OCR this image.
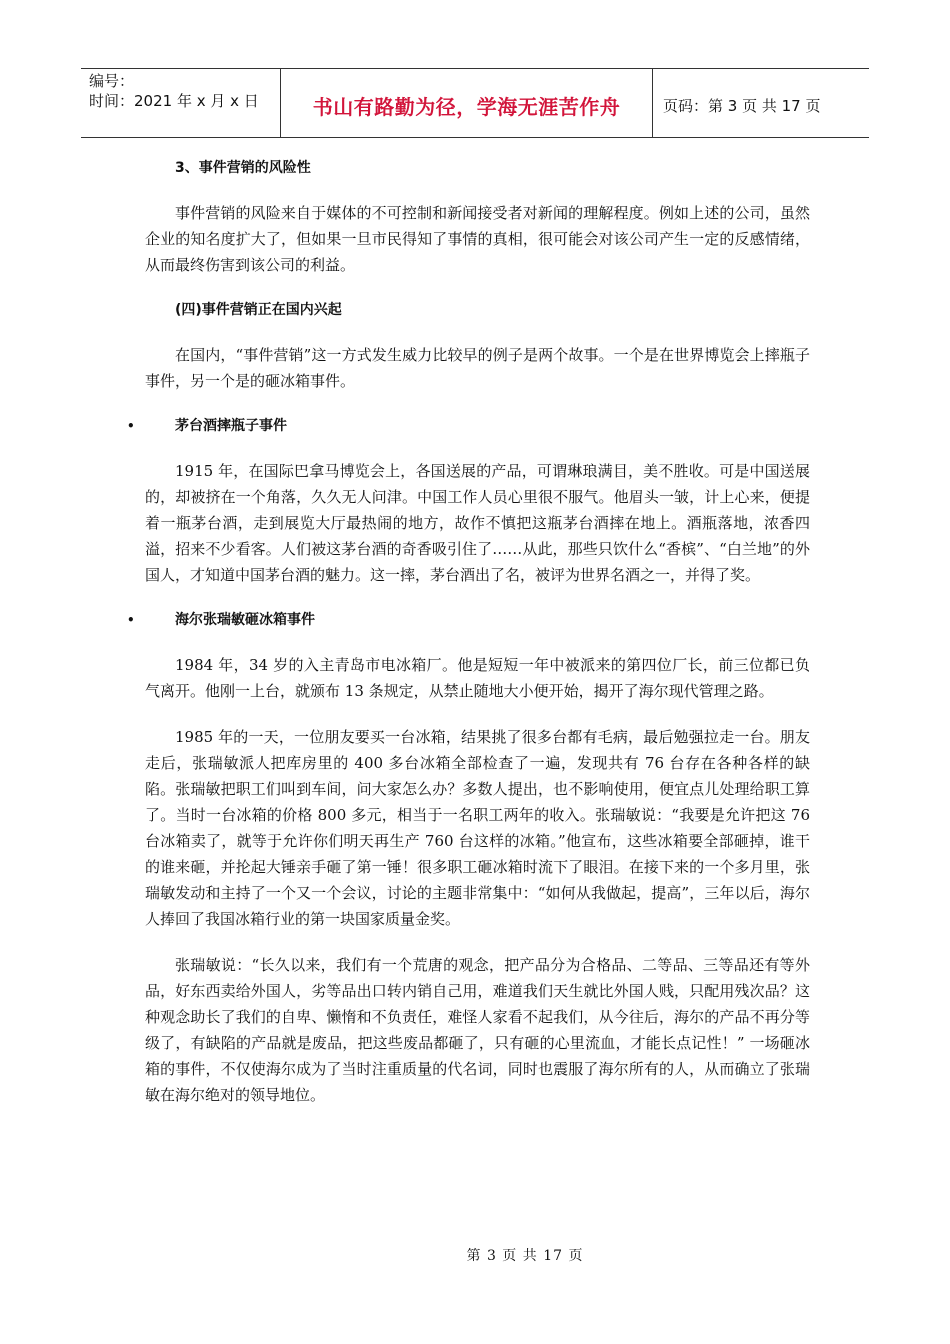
编号：
时间：2021 年 x 月 x 日	书山有路勤为径，学海无涯苦作舟	页码：第 3 页 共 17 页
3、事件营销的风险性

事件营销的风险来自于媒体的不可控制和新闻接受者对新闻的理解程度。例如上述的公司，虽然企业的知名度扩大了，但如果一旦市民得知了事情的真相，很可能会对该公司产生一定的反感情绪，从而最终伤害到该公司的利益。

(四)事件营销正在国内兴起

在国内，“事件营销”这一方式发生威力比较早的例子是两个故事。一个是在世界博览会上摔瓶子事件，另一个是的砸冰箱事件。

•	茅台酒摔瓶子事件

1915 年，在国际巴拿马博览会上，各国送展的产品，可谓琳琅满目，美不胜收。可是中国送展的，却被挤在一个角落，久久无人问津。中国工作人员心里很不服气。他眉头一皱，计上心来，便提着一瓶茅台酒，走到展览大厅最热闹的地方，故作不慎把这瓶茅台酒摔在地上。酒瓶落地，浓香四溢，招来不少看客。人们被这茅台酒的奇香吸引住了……从此，那些只饮什么“香槟”、“白兰地”的外国人，才知道中国茅台酒的魅力。这一摔，茅台酒出了名，被评为世界名酒之一，并得了奖。

•	海尔张瑞敏砸冰箱事件

1984 年，34 岁的入主青岛市电冰箱厂。他是短短一年中被派来的第四位厂长，前三位都已负气离开。他刚一上台，就颁布 13 条规定，从禁止随地大小便开始，揭开了海尔现代管理之路。

1985 年的一天，一位朋友要买一台冰箱，结果挑了很多台都有毛病，最后勉强拉走一台。朋友走后，张瑞敏派人把库房里的 400 多台冰箱全部检查了一遍，发现共有 76 台存在各种各样的缺陷。张瑞敏把职工们叫到车间，问大家怎么办？多数人提出，也不影响使用，便宜点儿处理给职工算了。当时一台冰箱的价格 800 多元，相当于一名职工两年的收入。张瑞敏说：“我要是允许把这 76 台冰箱卖了，就等于允许你们明天再生产 760 台这样的冰箱。”他宣布，这些冰箱要全部砸掉，谁干的谁来砸，并抡起大锤亲手砸了第一锤！很多职工砸冰箱时流下了眼泪。在接下来的一个多月里，张瑞敏发动和主持了一个又一个会议，讨论的主题非常集中：“如何从我做起，提高”，三年以后，海尔人捧回了我国冰箱行业的第一块国家质量金奖。

张瑞敏说：“长久以来，我们有一个荒唐的观念，把产品分为合格品、二等品、三等品还有等外品，好东西卖给外国人，劣等品出口转内销自己用，难道我们天生就比外国人贱，只配用残次品？这种观念助长了我们的自卑、懒惰和不负责任，难怪人家看不起我们，从今往后，海尔的产品不再分等级了，有缺陷的产品就是废品，把这些废品都砸了，只有砸的心里流血，才能长点记性！” 一场砸冰箱的事件，不仅使海尔成为了当时注重质量的代名词，同时也震服了海尔所有的人，从而确立了张瑞敏在海尔绝对的领导地位。

第 3 页 共 17 页
